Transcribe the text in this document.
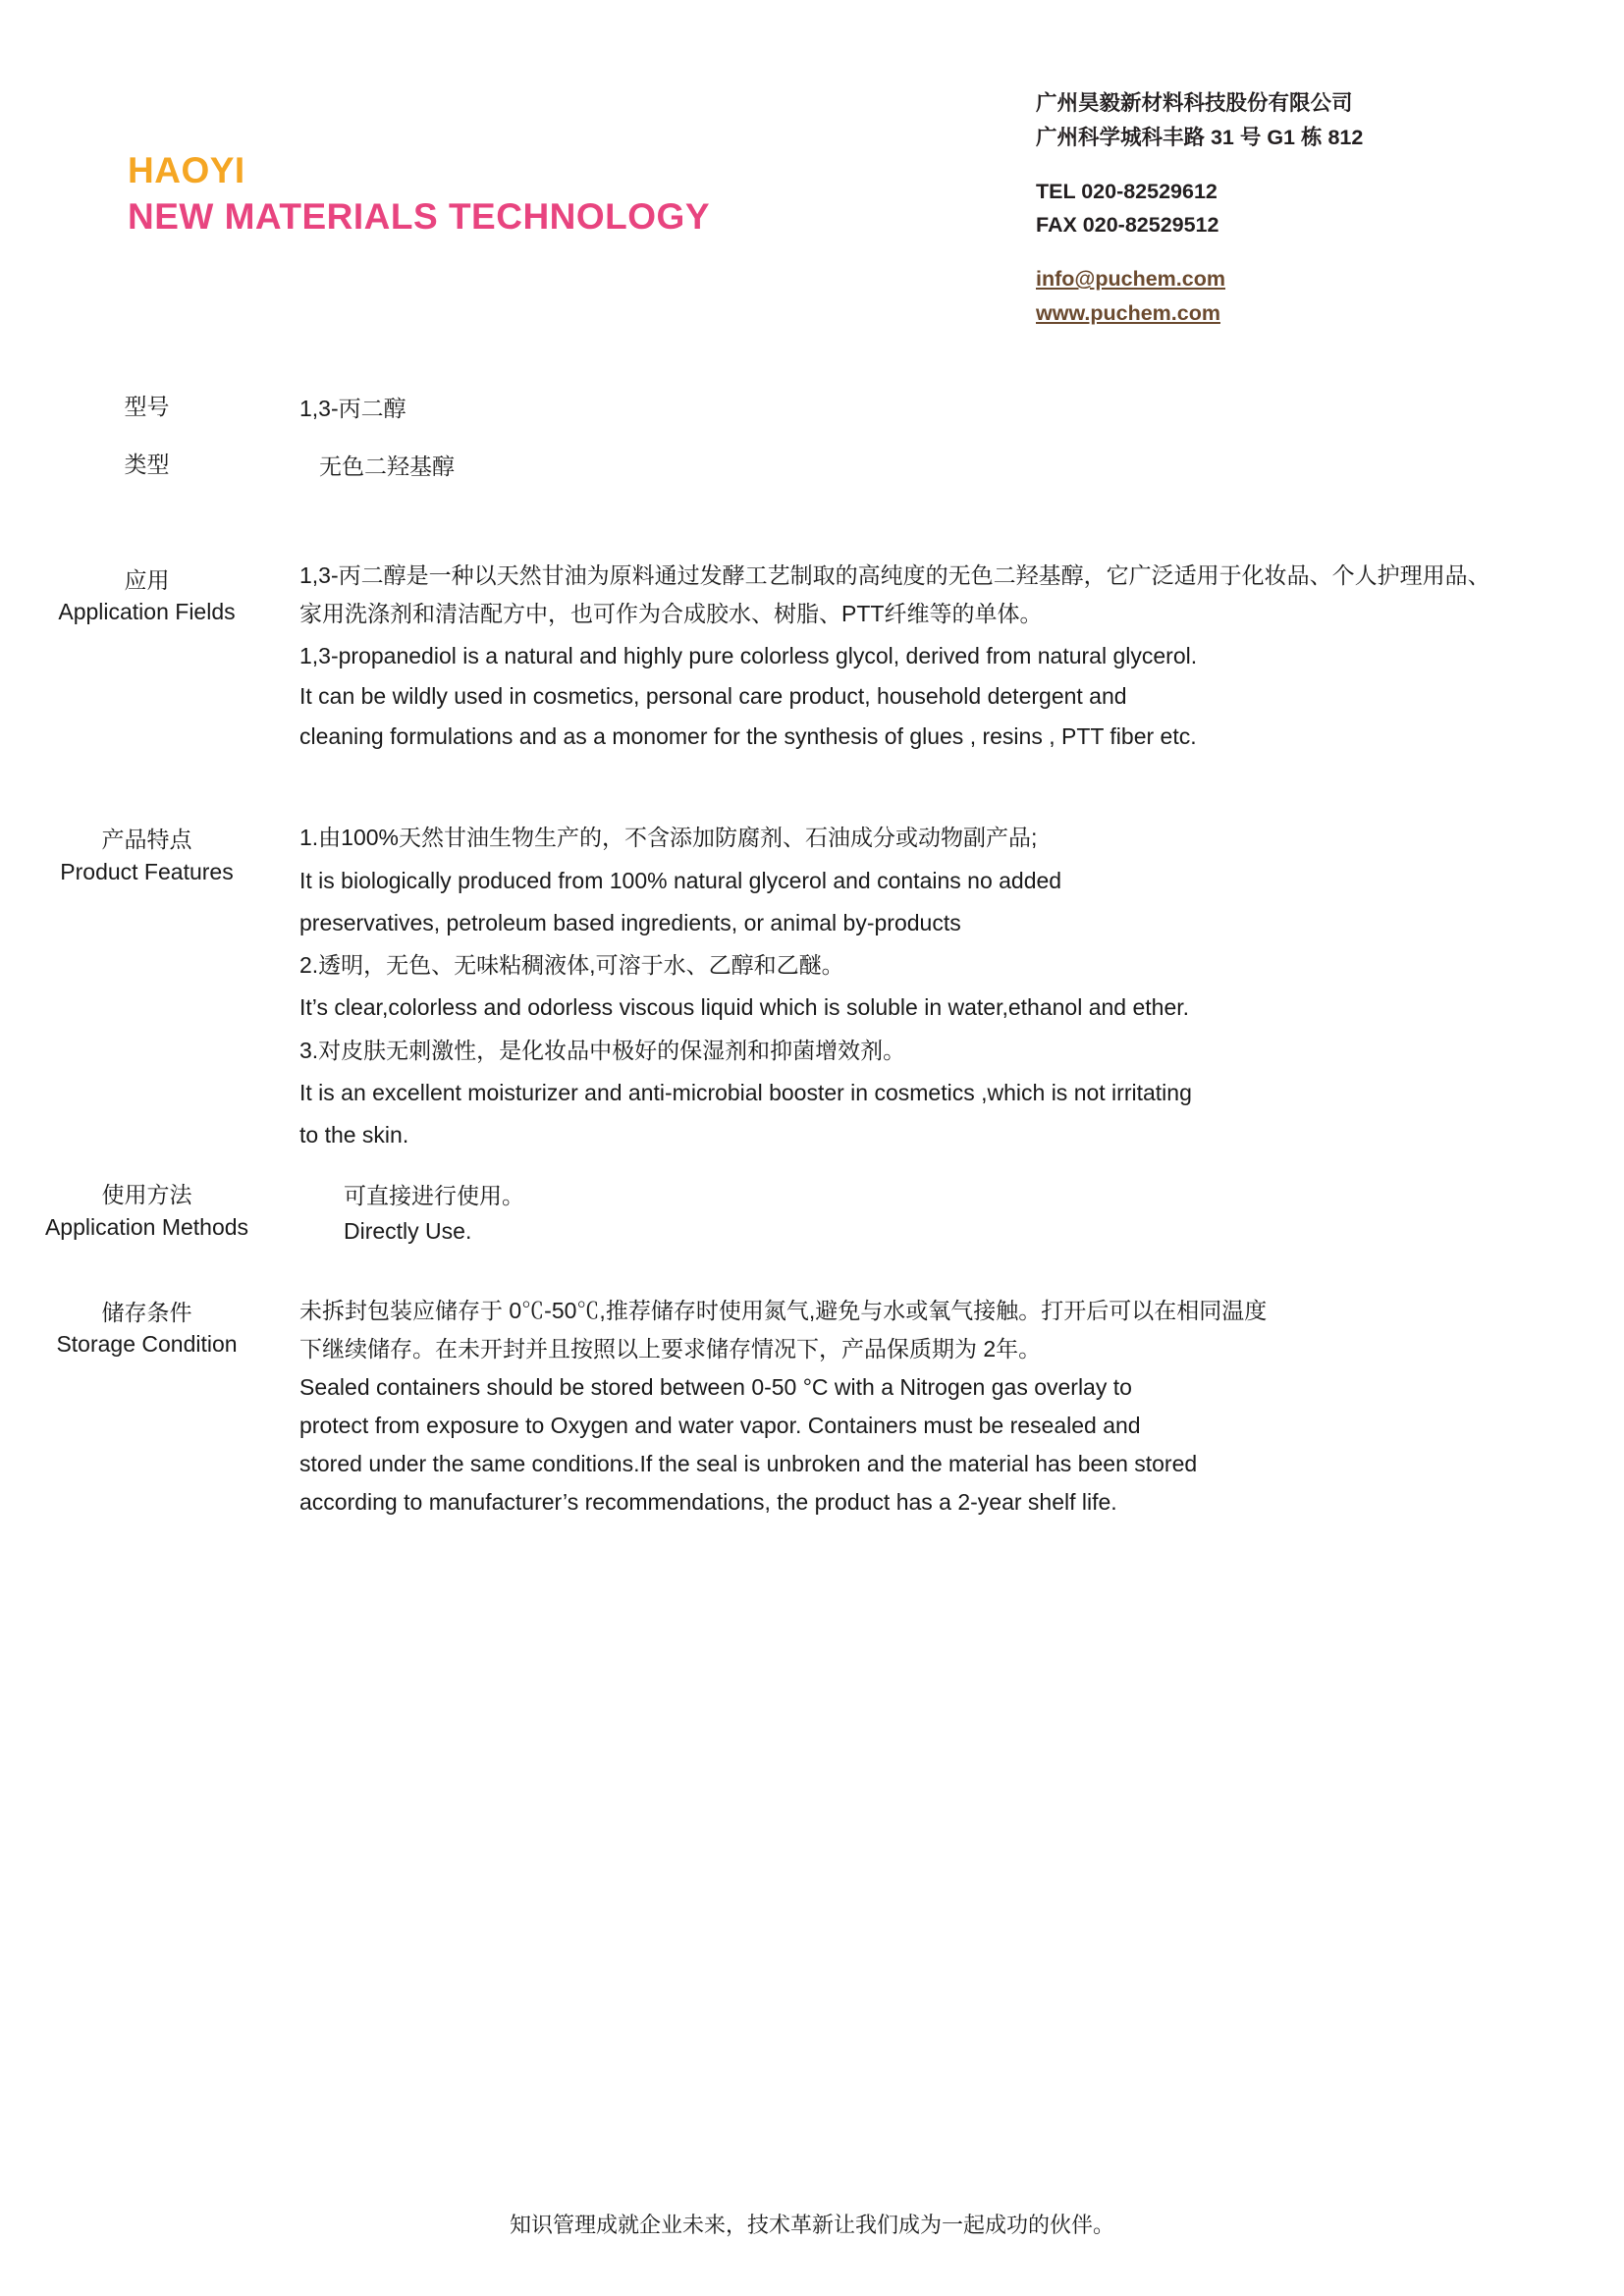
HAOYI
NEW MATERIALS TECHNOLOGY
广州昊毅新材料科技股份有限公司
广州科学城科丰路 31 号 G1 栋 812
TEL 020-82529612
FAX 020-82529512
info@puchem.com
www.puchem.com
型号	1,3-丙二醇

类型	无色二羟基醇

应用
Application Fields

1,3-丙二醇是一种以天然甘油为原料通过发酵工艺制取的高纯度的无色二羟基醇，它广泛适用于化妆品、个人护理用品、家用洗涤剂和清洁配方中，也可作为合成胶水、树脂、PTT纤维等的单体。

1,3-propanediol is a natural and highly pure colorless glycol, derived from natural glycerol.

It can be wildly used in cosmetics, personal care product, household detergent and

cleaning formulations and as a monomer for the synthesis of glues , resins , PTT fiber etc.

产品特点
Product Features

1.由100%天然甘油生物生产的，不含添加防腐剂、石油成分或动物副产品;

It is biologically produced from 100% natural glycerol and contains no added

preservatives, petroleum based ingredients, or animal by-products

2.透明，无色、无味粘稠液体,可溶于水、乙醇和乙醚。

It’s clear,colorless and odorless viscous liquid which is soluble in water,ethanol and ether.

3.对皮肤无刺激性，是化妆品中极好的保湿剂和抑菌增效剂。

It is an excellent moisturizer and anti-microbial booster in cosmetics ,which is not irritating

to the skin.

使用方法
Application Methods

可直接进行使用。

Directly Use.

储存条件
Storage Condition

未拆封包装应储存于 0℃-50℃,推荐储存时使用氮气,避免与水或氧气接触。打开后可以在相同温度

下继续储存。在未开封并且按照以上要求储存情况下，产品保质期为 2年。

Sealed containers should be stored between 0-50 °C with a Nitrogen gas overlay to

protect from exposure to Oxygen and water vapor. Containers must be resealed and

stored under the same conditions.If the seal is unbroken and the material has been stored

according to manufacturer’s recommendations, the product has a 2-year shelf life.

知识管理成就企业未来，技术革新让我们成为一起成功的伙伴。
